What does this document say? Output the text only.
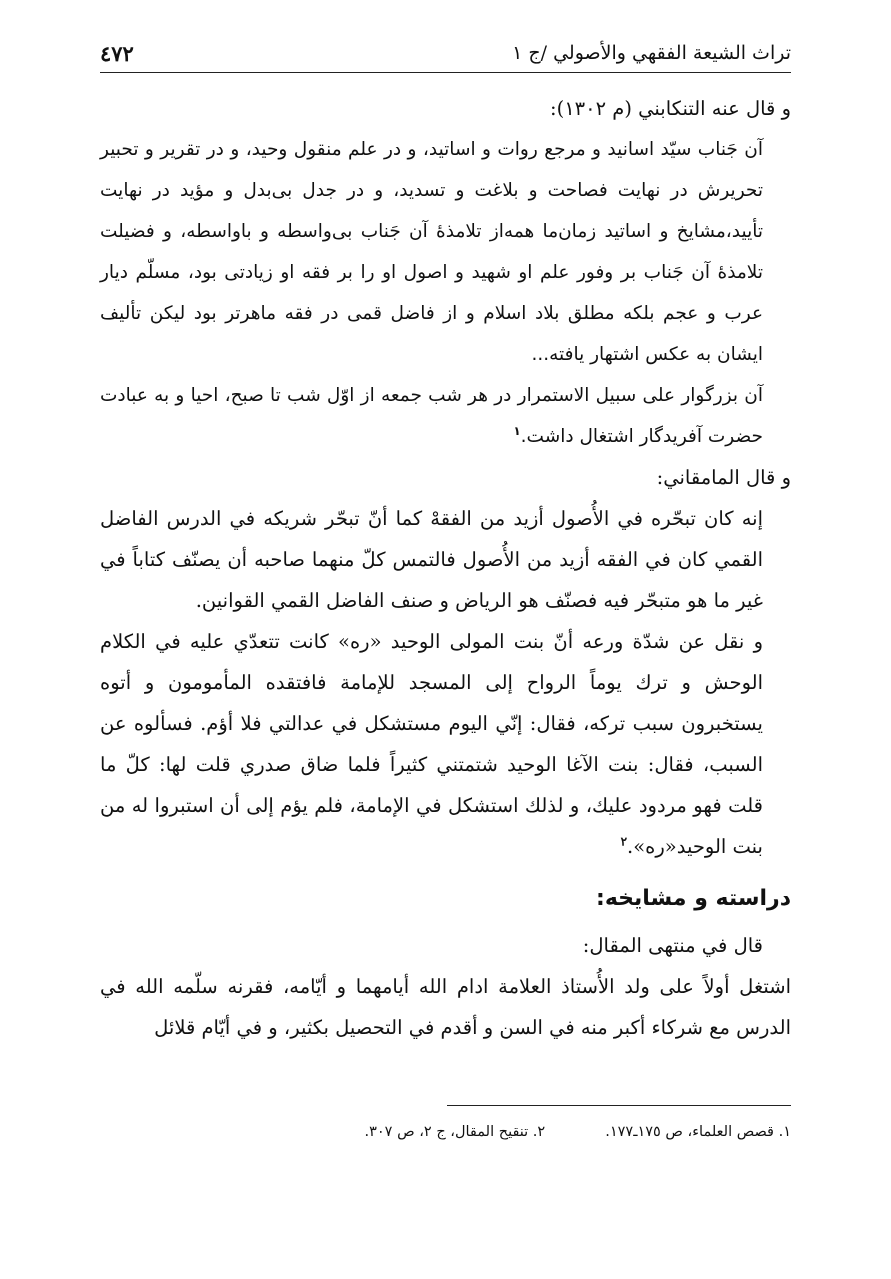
تراث الشيعة الفقهي والأصولي /ج ١
٤٧٢

و قال عنه التنكابني (م ١٣٠٢):

آن جَناب سيّد اسانيد و مرجع روات و اساتيد، و در علم منقول وحيد، و در تقرير و تحبير تحريرش در نهايت فصاحت و بلاغت و تسديد، و در جدل بى‌بدل و مؤيد در نهايت تأييد،مشايخ و اساتيد زمان‌ما همه‌از تلامذهٔ آن جَناب بى‌واسطه و باواسطه، و فضيلت تلامذهٔ آن جَناب بر وفور علم او شهيد و اصول او را بر فقه او زيادتى بود، مسلّم ديار عرب و عجم بلكه مطلق بلاد اسلام و از فاضل قمى در فقه ماهرتر بود ليكن تأليف ايشان به عكس اشتهار يافته...

آن بزرگوار على سبيل الاستمرار در هر شب جمعه از اوّل شب تا صبح، احيا و به عبادت حضرت آفريدگار اشتغال داشت.$^١$

و قال المامقاني:

إنه كان تبحّره في الأُصول أزيد من الفقهْ كما أنّ تبحّر شريكه في الدرس الفاضل القمي كان في الفقه أزيد من الأُصول فالتمس كلّ منهما صاحبه أن يصنّف كتاباً في غير ما هو متبحّر فيه فصنّف هو الرياض و صنف الفاضل القمي القوانين.

و نقل عن شدّة ورعه أنّ بنت المولى الوحيد «ره» كانت تتعدّي عليه في الكلام الوحش و ترك يوماً الرواح إلى المسجد للإمامة فافتقده المأمومون و أتوه يستخبرون سبب تركه، فقال: إنّي اليوم مستشكل في عدالتي فلا أؤم. فسألوه عن السبب، فقال: بنت الآغا الوحيد شتمتني كثيراً فلما ضاق صدري قلت لها: كلّ ما قلت فهو مردود عليك، و لذلك استشكل في الإمامة، فلم يؤم إلى أن استبروا له من بنت الوحيد«ره».$^٢$

دراسته و مشايخه:

قال في منتهى المقال:

اشتغل أولاً على ولد الأُستاذ العلامة ادام الله أيامهما و أيّامه، فقرنه سلّمه الله في الدرس مع شركاء أكبر منه في السن و أقدم في التحصيل بكثير، و في أيّام قلائل

١. قصص العلماء، ص ١٧٥ـ١٧٧.
٢. تنقيح المقال، ج ٢، ص ٣٠٧.
